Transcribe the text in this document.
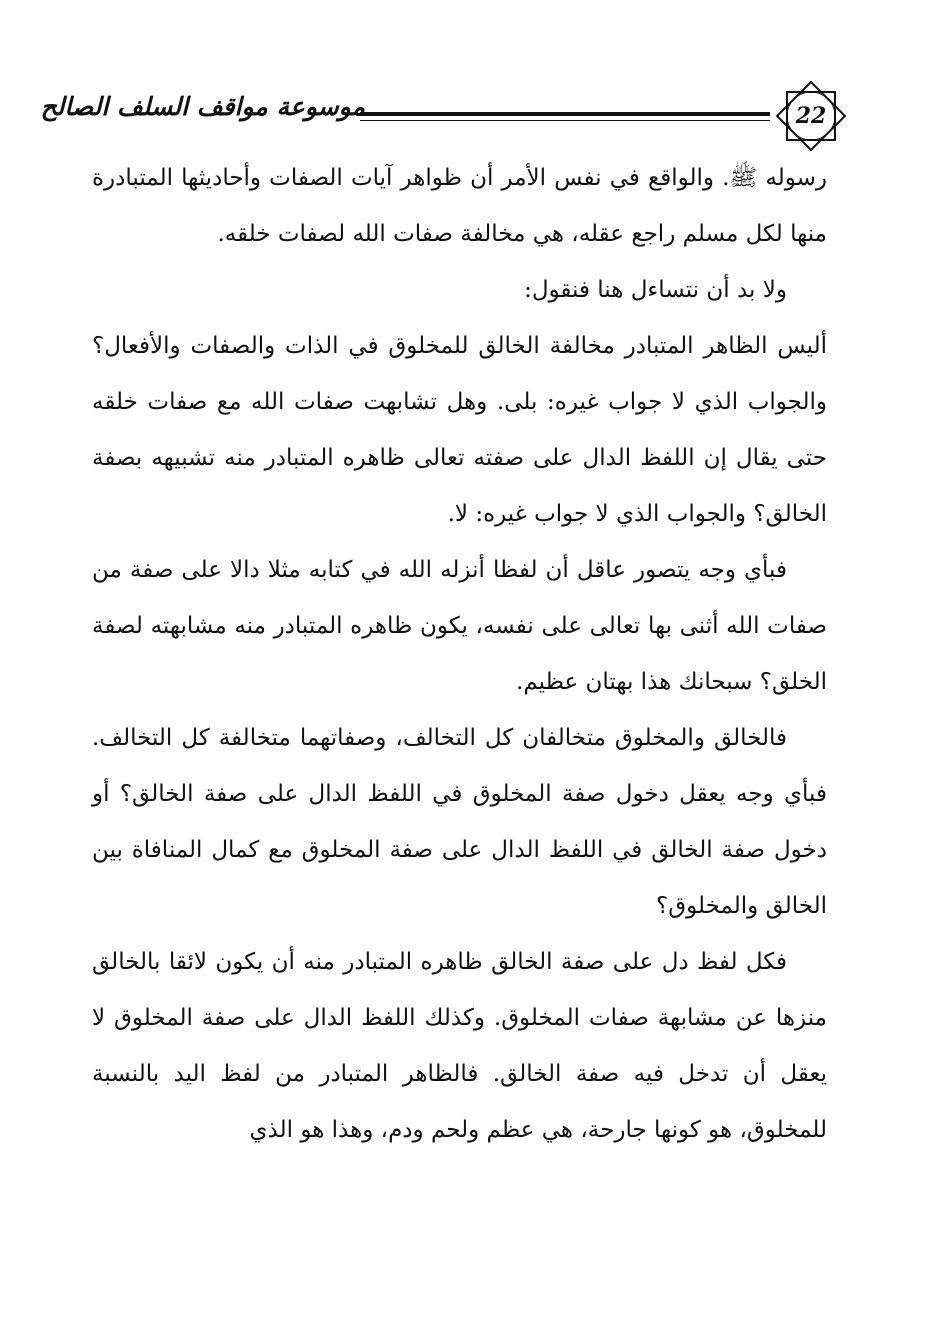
22
موسوعة مواقف السلف الصالح

رسوله ﷺ. والواقع في نفس الأمر أن ظواهر آيات الصفات وأحاديثها المتبادرة منها لكل مسلم راجع عقله، هي مخالفة صفات الله لصفات خلقه.

ولا بد أن نتساءل هنا فنقول:

أليس الظاهر المتبادر مخالفة الخالق للمخلوق في الذات والصفات والأفعال؟ والجواب الذي لا جواب غيره: بلى. وهل تشابهت صفات الله مع صفات خلقه حتى يقال إن اللفظ الدال على صفته تعالى ظاهره المتبادر منه تشبيهه بصفة الخالق؟ والجواب الذي لا جواب غيره: لا.

فبأي وجه يتصور عاقل أن لفظا أنزله الله في كتابه مثلا دالا على صفة من صفات الله أثنى بها تعالى على نفسه، يكون ظاهره المتبادر منه مشابهته لصفة الخلق؟ سبحانك هذا بهتان عظيم.

فالخالق والمخلوق متخالفان كل التخالف، وصفاتهما متخالفة كل التخالف. فبأي وجه يعقل دخول صفة المخلوق في اللفظ الدال على صفة الخالق؟ أو دخول صفة الخالق في اللفظ الدال على صفة المخلوق مع كمال المنافاة بين الخالق والمخلوق؟

فكل لفظ دل على صفة الخالق ظاهره المتبادر منه أن يكون لائقا بالخالق منزها عن مشابهة صفات المخلوق. وكذلك اللفظ الدال على صفة المخلوق لا يعقل أن تدخل فيه صفة الخالق. فالظاهر المتبادر من لفظ اليد بالنسبة للمخلوق، هو كونها جارحة، هي عظم ولحم ودم، وهذا هو الذي
